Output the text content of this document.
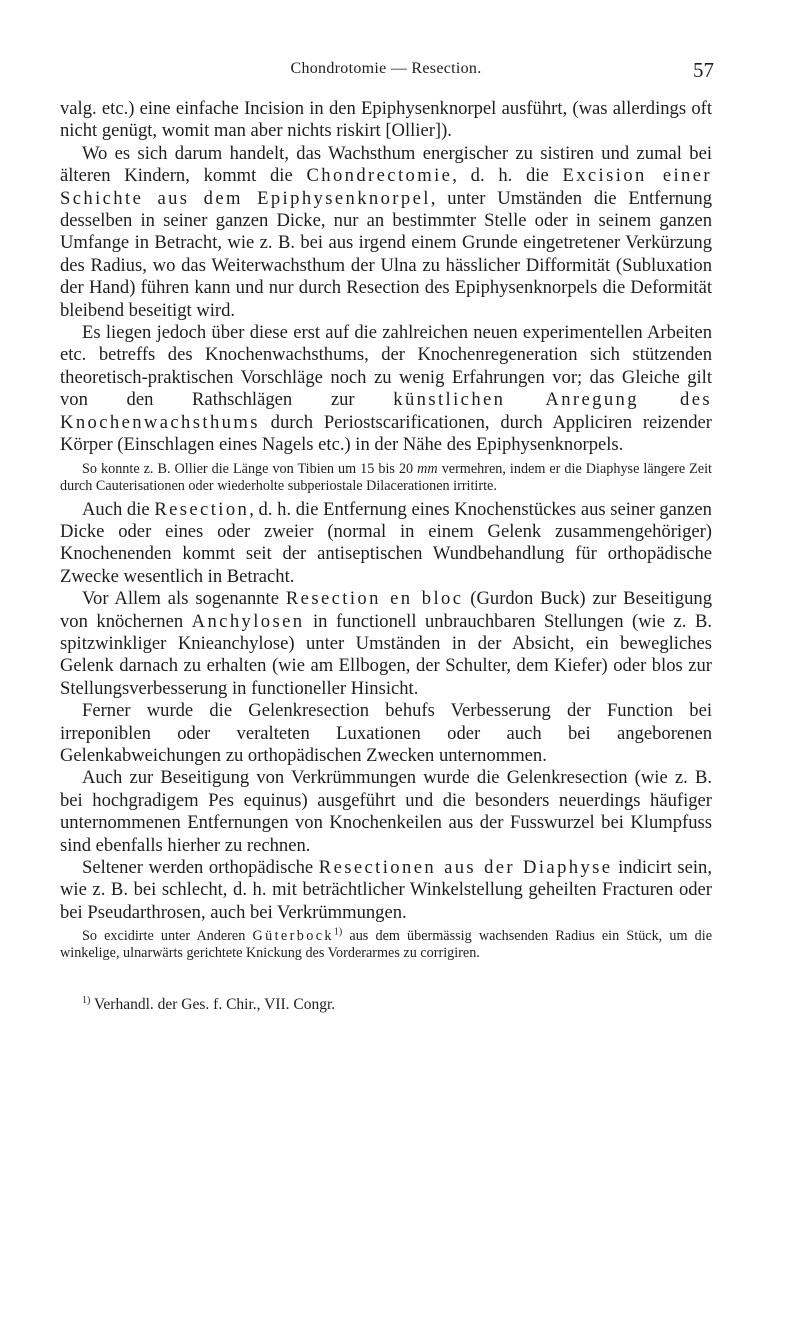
Chondrotomie — Resection.	57

valg. etc.) eine einfache Incision in den Epiphysenknorpel ausführt, (was allerdings oft nicht genügt, womit man aber nichts riskirt [Ollier]).

Wo es sich darum handelt, das Wachsthum energischer zu sistiren und zumal bei älteren Kindern, kommt die Chondrectomie, d. h. die Excision einer Schichte aus dem Epiphysenknorpel, unter Umständen die Entfernung desselben in seiner ganzen Dicke, nur an bestimmter Stelle oder in seinem ganzen Umfange in Betracht, wie z. B. bei aus irgend einem Grunde eingetretener Verkürzung des Radius, wo das Weiterwachsthum der Ulna zu hässlicher Difformität (Subluxation der Hand) führen kann und nur durch Resection des Epiphysenknorpels die Deformität bleibend beseitigt wird.

Es liegen jedoch über diese erst auf die zahlreichen neuen experimentellen Arbeiten etc. betreffs des Knochenwachsthums, der Knochenregeneration sich stützenden theoretisch-praktischen Vorschläge noch zu wenig Erfahrungen vor; das Gleiche gilt von den Rathschlägen zur künstlichen Anregung des Knochenwachsthums durch Periostscarificationen, durch Appliciren reizender Körper (Einschlagen eines Nagels etc.) in der Nähe des Epiphysenknorpels.

So konnte z. B. Ollier die Länge von Tibien um 15 bis 20 mm vermehren, indem er die Diaphyse längere Zeit durch Cauterisationen oder wiederholte subperiostale Dilacerationen irritirte.

Auch die Resection, d. h. die Entfernung eines Knochenstückes aus seiner ganzen Dicke oder eines oder zweier (normal in einem Gelenk zusammengehöriger) Knochenenden kommt seit der antiseptischen Wundbehandlung für orthopädische Zwecke wesentlich in Betracht.

Vor Allem als sogenannte Resection en bloc (Gurdon Buck) zur Beseitigung von knöchernen Anchylosen in functionell unbrauchbaren Stellungen (wie z. B. spitzwinkliger Knieanchylose) unter Umständen in der Absicht, ein bewegliches Gelenk darnach zu erhalten (wie am Ellbogen, der Schulter, dem Kiefer) oder blos zur Stellungsverbesserung in functioneller Hinsicht.

Ferner wurde die Gelenkresection behufs Verbesserung der Function bei irreponiblen oder veralteten Luxationen oder auch bei angeborenen Gelenkabweichungen zu orthopädischen Zwecken unternommen.

Auch zur Beseitigung von Verkrümmungen wurde die Gelenkresection (wie z. B. bei hochgradigem Pes equinus) ausgeführt und die besonders neuerdings häufiger unternommenen Entfernungen von Knochenkeilen aus der Fusswurzel bei Klumpfuss sind ebenfalls hierher zu rechnen.

Seltener werden orthopädische Resectionen aus der Diaphyse indicirt sein, wie z. B. bei schlecht, d. h. mit beträchtlicher Winkelstellung geheilten Fracturen oder bei Pseudarthrosen, auch bei Verkrümmungen.

So excidirte unter Anderen Güterbock$^{1)}$ aus dem übermässig wachsenden Radius ein Stück, um die winkelige, ulnarwärts gerichtete Knickung des Vorderarmes zu corrigiren.

$^{1)}$ Verhandl. der Ges. f. Chir., VII. Congr.
